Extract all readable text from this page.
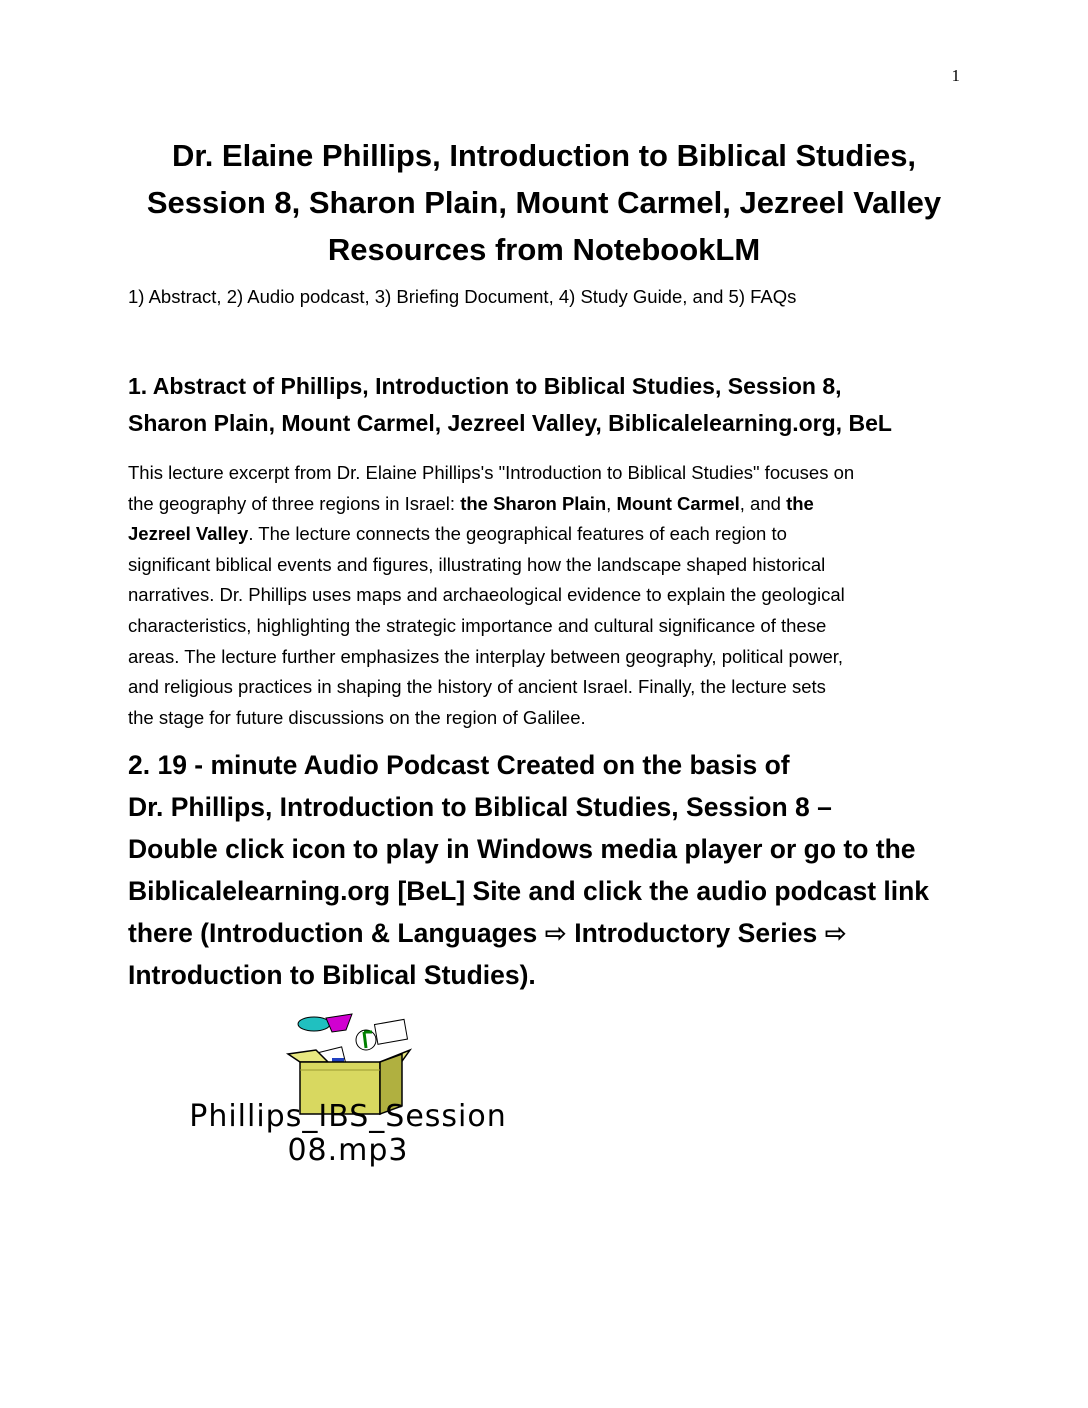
1
Dr. Elaine Phillips, Introduction to Biblical Studies,
Session 8, Sharon Plain, Mount Carmel, Jezreel Valley
Resources from NotebookLM
1) Abstract, 2) Audio podcast, 3) Briefing Document, 4) Study Guide, and 5) FAQs
1. Abstract of Phillips, Introduction to Biblical Studies, Session 8,
Sharon Plain, Mount Carmel, Jezreel Valley, Biblicalelearning.org, BeL
This lecture excerpt from Dr. Elaine Phillips's "Introduction to Biblical Studies" focuses on
the geography of three regions in Israel: the Sharon Plain, Mount Carmel, and the
Jezreel Valley. The lecture connects the geographical features of each region to
significant biblical events and figures, illustrating how the landscape shaped historical
narratives. Dr. Phillips uses maps and archaeological evidence to explain the geological
characteristics, highlighting the strategic importance and cultural significance of these
areas. The lecture further emphasizes the interplay between geography, political power,
and religious practices in shaping the history of ancient Israel. Finally, the lecture sets
the stage for future discussions on the region of Galilee.
2. 19 - minute Audio Podcast Created on the basis of
Dr. Phillips, Introduction to Biblical Studies, Session 8 –
Double click icon to play in Windows media player or go to the
Biblicalelearning.org [BeL] Site and click the audio podcast link
there (Introduction & Languages ⇨ Introductory Series ⇨
Introduction to Biblical Studies).
Phillips_IBS_Session
08.mp3
